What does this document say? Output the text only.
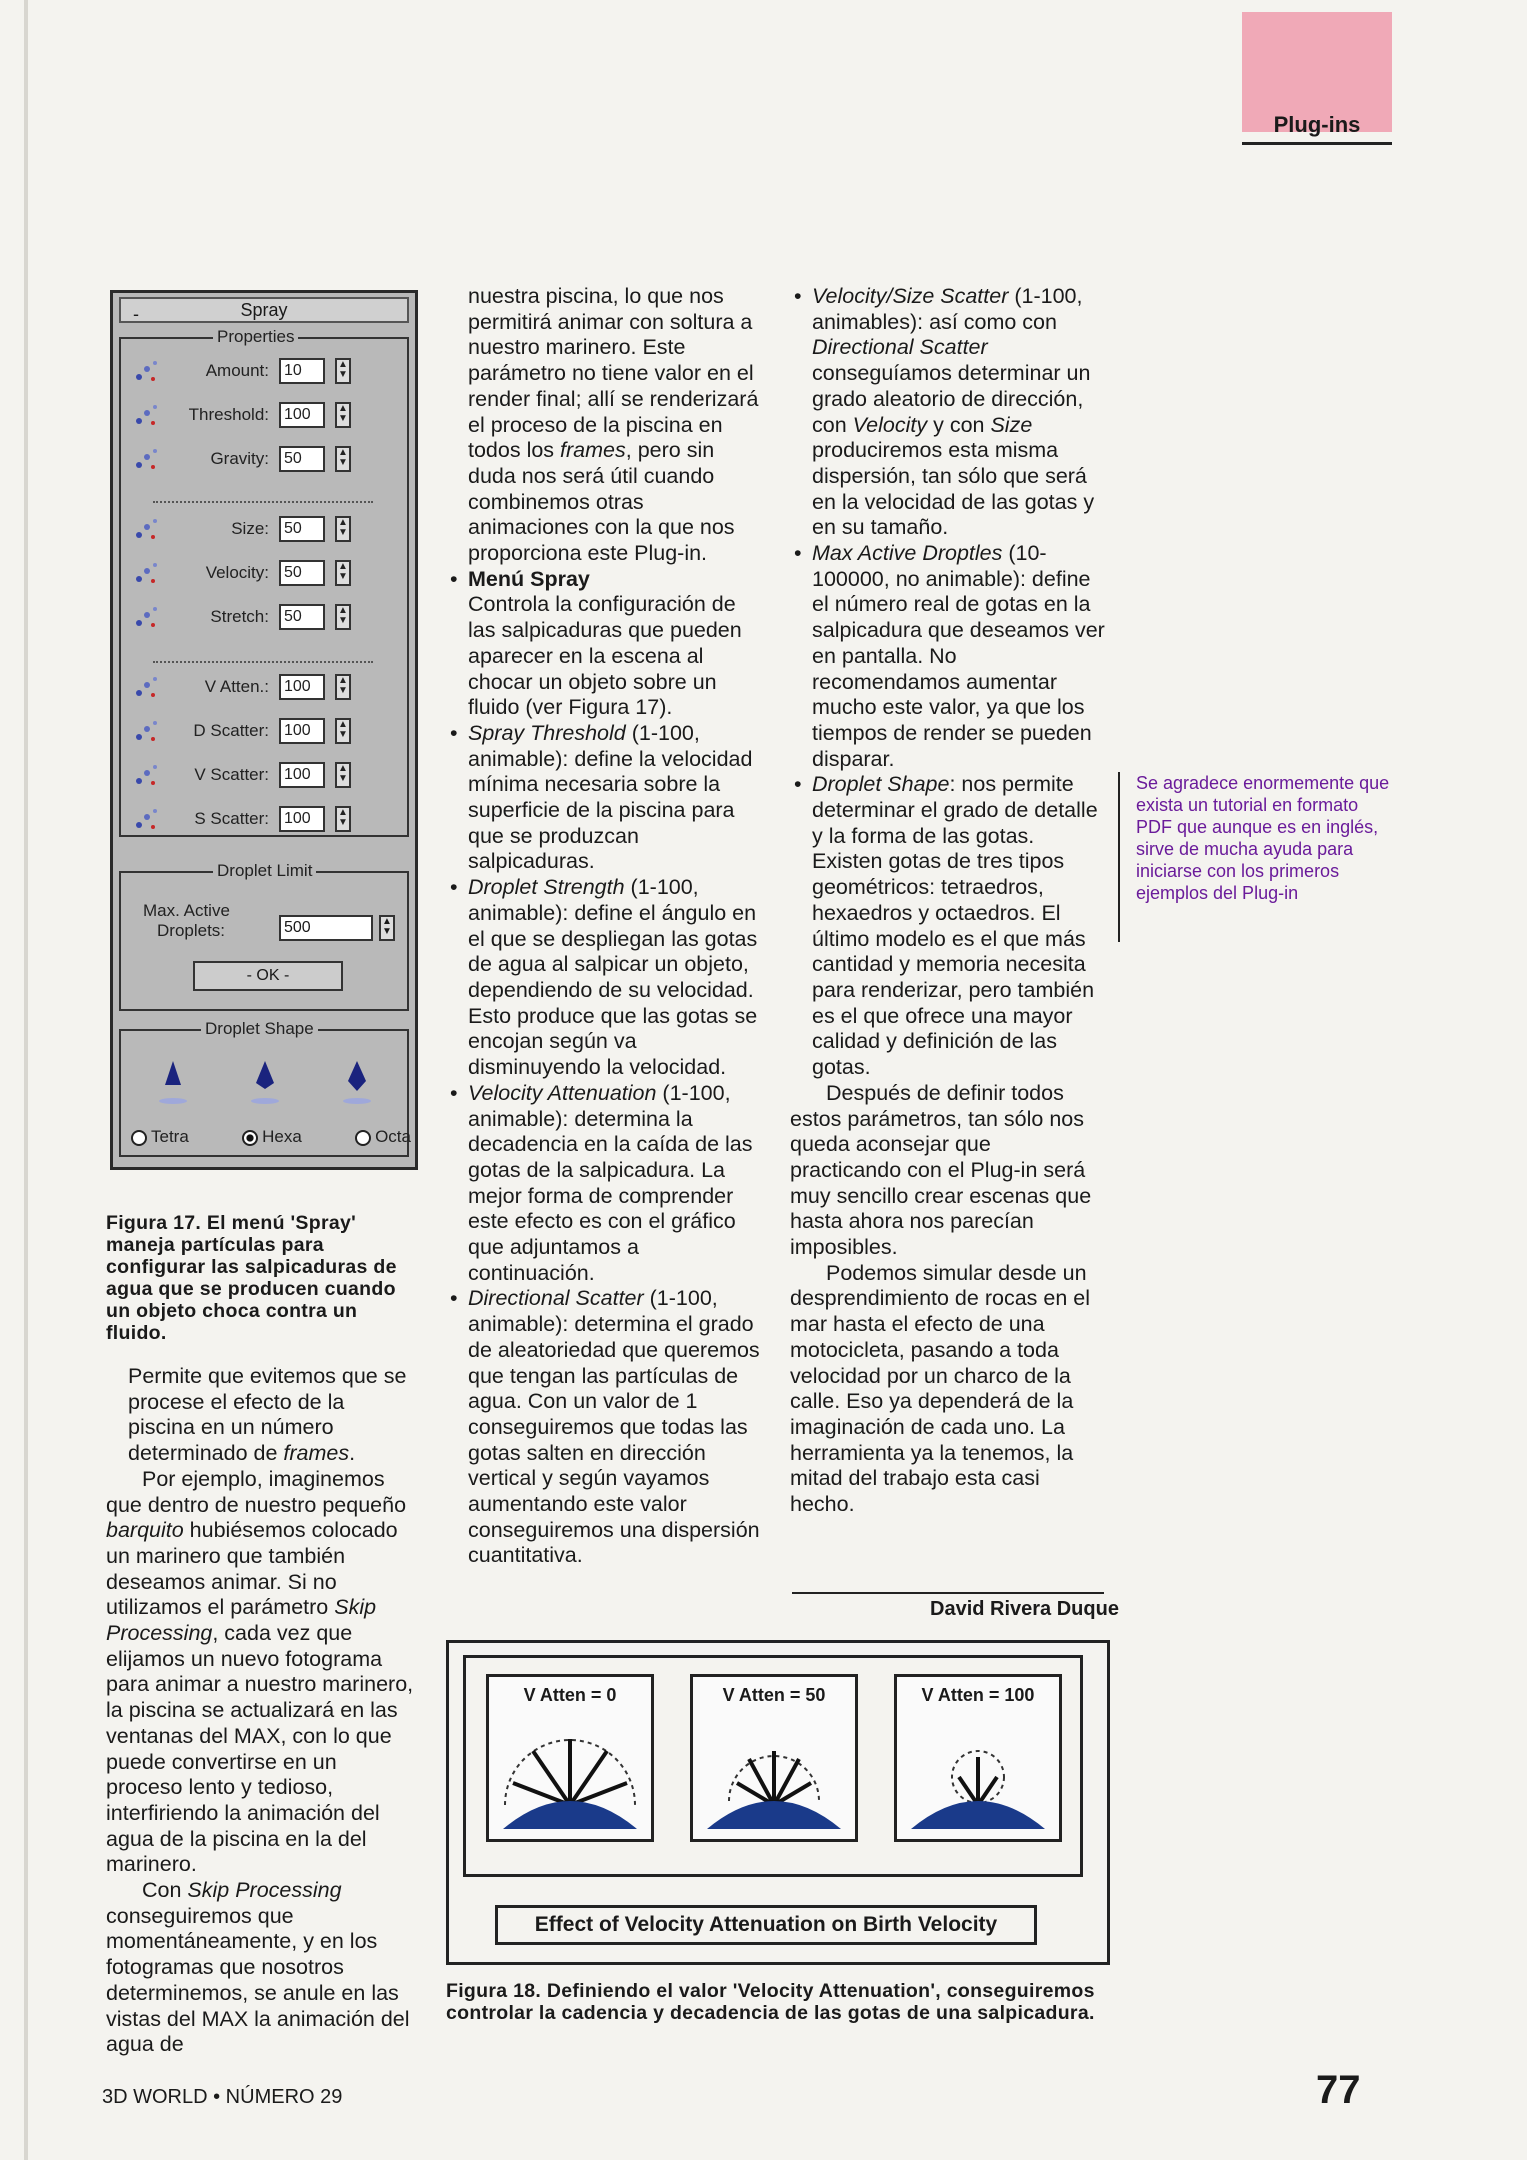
Plug-ins
-	Spray
Properties
Amount: 10	▲
▼
Threshold: 100	▲
▼
Gravity: 50	▲
▼
Size: 50	▲
▼
Velocity: 50	▲
▼
Stretch: 50	▲
▼
V Atten.: 100	▲
▼
D Scatter: 100	▲
▼
V Scatter: 100	▲
▼
S Scatter: 100	▲
▼
Droplet Limit
Max. Active
Droplets:	500	▲
▼
- OK -
Droplet Shape
Tetra	Hexa	Octa
Figura 17. El menú 'Spray' maneja partículas para configurar las salpicaduras de agua que se producen cuando un objeto choca contra un fluido.

Permite que evitemos que se procese el efecto de la piscina en un número determinado de frames.

Por ejemplo, imaginemos que dentro de nuestro pequeño barquito hubiésemos colocado un marinero que también deseamos animar. Si no utilizamos el parámetro Skip Processing, cada vez que elijamos un nuevo fotograma para animar a nuestro marinero, la piscina se actualizará en las ventanas del MAX, con lo que puede convertirse en un proceso lento y tedioso, interfiriendo la animación del agua de la piscina en la del marinero.

Con Skip Processing conseguiremos que momentáneamente, y en los fotogramas que nosotros determinemos, se anule en las vistas del MAX la animación del agua de

nuestra piscina, lo que nos permitirá animar con soltura a nuestro marinero. Este parámetro no tiene valor en el render final; allí se renderizará el proceso de la piscina en todos los frames, pero sin duda nos será útil cuando combinemos otras animaciones con la que nos proporciona este Plug-in.

• Menú Spray
Controla la configuración de las salpicaduras que pueden aparecer en la escena al chocar un objeto sobre un fluido (ver Figura 17).
• Spray Threshold (1-100, animable): define la velocidad mínima necesaria sobre la superficie de la piscina para que se produzcan salpicaduras.
• Droplet Strength (1-100, animable): define el ángulo en el que se despliegan las gotas de agua al salpicar un objeto, dependiendo de su velocidad. Esto produce que las gotas se encojan según va disminuyendo la velocidad.
• Velocity Attenuation (1-100, animable): determina la decadencia en la caída de las gotas de la salpicadura. La mejor forma de comprender este efecto es con el gráfico que adjuntamos a continuación.
• Directional Scatter (1-100, animable): determina el grado de aleatoriedad que queremos que tengan las partículas de agua. Con un valor de 1 conseguiremos que todas las gotas salten en dirección vertical y según vayamos aumentando este valor conseguiremos una dispersión cuantitativa.
• Velocity/Size Scatter (1-100, animables): así como con Directional Scatter conseguíamos determinar un grado aleatorio de dirección, con Velocity y con Size produciremos esta misma dispersión, tan sólo que será en la velocidad de las gotas y en su tamaño.
• Max Active Droptles (10-100000, no animable): define el número real de gotas en la salpicadura que deseamos ver en pantalla. No recomendamos aumentar mucho este valor, ya que los tiempos de render se pueden disparar.
• Droplet Shape: nos permite determinar el grado de detalle y la forma de las gotas. Existen gotas de tres tipos geométricos: tetraedros, hexaedros y octaedros. El último modelo es el que más cantidad y memoria necesita para renderizar, pero también es el que ofrece una mayor calidad y definición de las gotas.

Después de definir todos estos parámetros, tan sólo nos queda aconsejar que practicando con el Plug-in será muy sencillo crear escenas que hasta ahora nos parecían imposibles.

Podemos simular desde un desprendimiento de rocas en el mar hasta el efecto de una motocicleta, pasando a toda velocidad por un charco de la calle. Eso ya dependerá de la imaginación de cada uno. La herramienta ya la tenemos, la mitad del trabajo esta casi hecho.

David Rivera Duque
Se agradece enormemente que exista un tutorial en formato PDF que aunque es en inglés, sirve de mucha ayuda para iniciarse con los primeros ejemplos del Plug-in
V Atten = 0	V Atten = 50	V Atten = 100
Effect of Velocity Attenuation on Birth Velocity
Figura 18. Definiendo el valor 'Velocity Attenuation', conseguiremos controlar la cadencia y decadencia de las gotas de una salpicadura.
3D WORLD • NÚMERO 29	77
